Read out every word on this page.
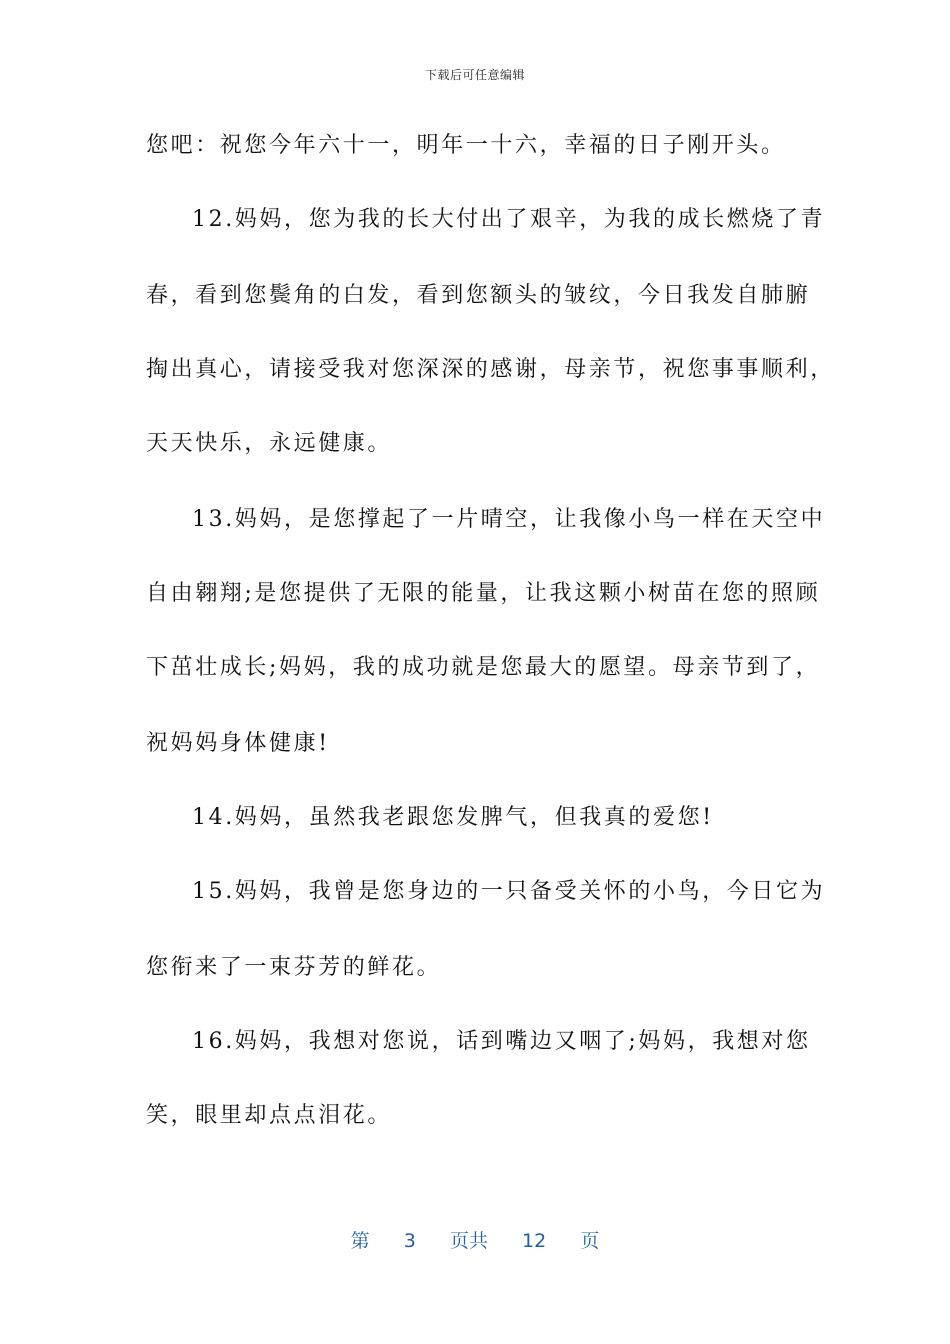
下载后可任意编辑
您吧：祝您今年六十一，明年一十六，幸福的日子刚开头。
12.妈妈，您为我的长大付出了艰辛，为我的成长燃烧了青
春，看到您鬓角的白发，看到您额头的皱纹，今日我发自肺腑
掏出真心，请接受我对您深深的感谢，母亲节，祝您事事顺利，
天天快乐，永远健康。
13.妈妈，是您撑起了一片晴空，让我像小鸟一样在天空中
自由翱翔;是您提供了无限的能量，让我这颗小树苗在您的照顾
下茁壮成长;妈妈，我的成功就是您最大的愿望。母亲节到了，
祝妈妈身体健康!
14.妈妈，虽然我老跟您发脾气，但我真的爱您!
15.妈妈，我曾是您身边的一只备受关怀的小鸟，今日它为
您衔来了一束芬芳的鲜花。
16.妈妈，我想对您说，话到嘴边又咽了;妈妈，我想对您
笑，眼里却点点泪花。
第 3 页共 12 页
